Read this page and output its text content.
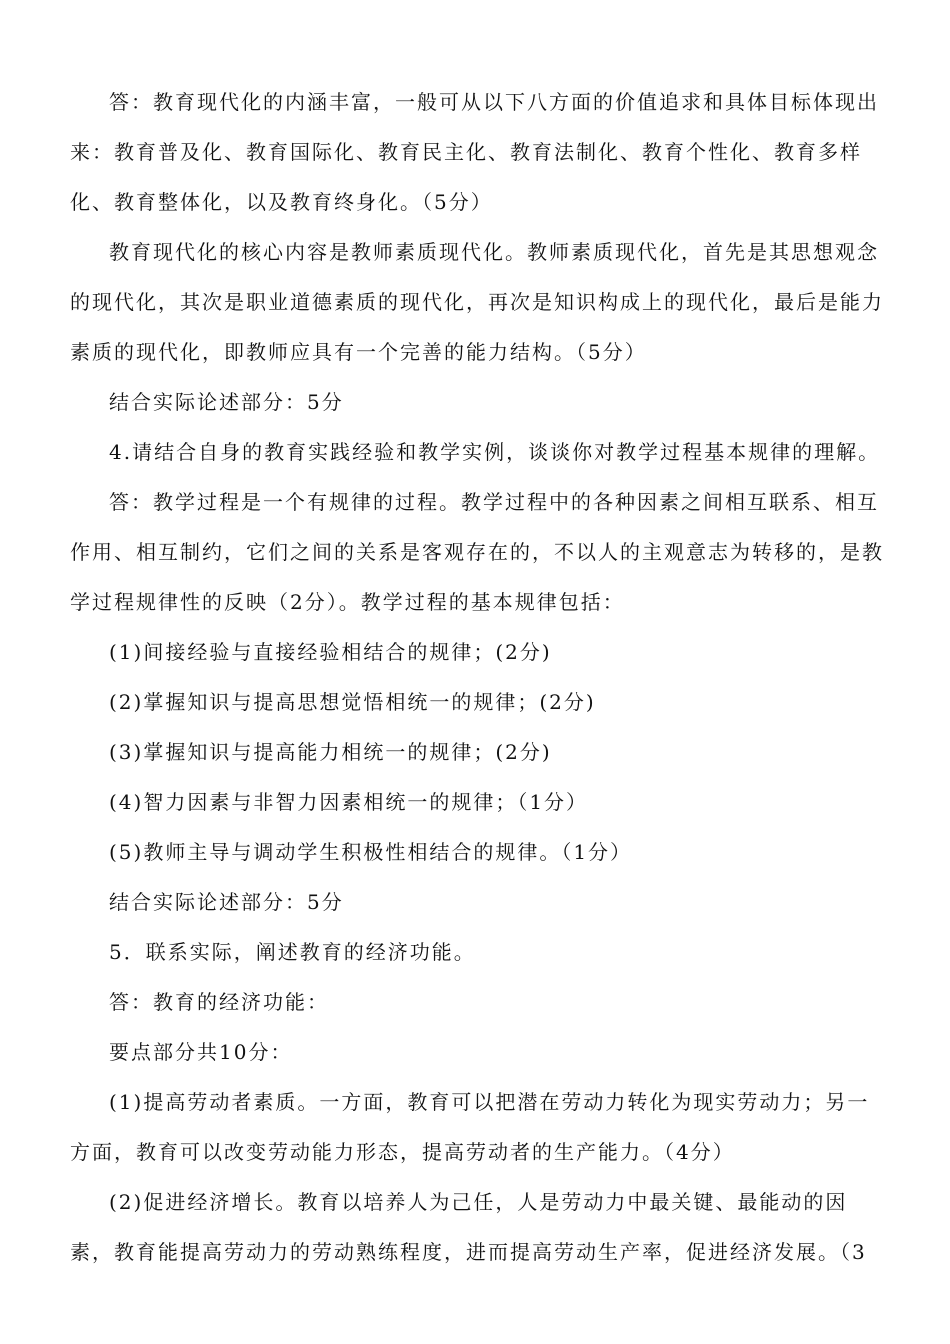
答：教育现代化的内涵丰富，一般可从以下八方面的价值追求和具体目标体现出来：教育普及化、教育国际化、教育民主化、教育法制化、教育个性化、教育多样化、教育整体化，以及教育终身化。（5分）

教育现代化的核心内容是教师素质现代化。教师素质现代化，首先是其思想观念的现代化，其次是职业道德素质的现代化，再次是知识构成上的现代化，最后是能力素质的现代化，即教师应具有一个完善的能力结构。（5分）

结合实际论述部分：5分

4.请结合自身的教育实践经验和教学实例，谈谈你对教学过程基本规律的理解。

答：教学过程是一个有规律的过程。教学过程中的各种因素之间相互联系、相互作用、相互制约，它们之间的关系是客观存在的，不以人的主观意志为转移的，是教学过程规律性的反映（2分）。教学过程的基本规律包括：

(1)间接经验与直接经验相结合的规律；(2分)

(2)掌握知识与提高思想觉悟相统一的规律；(2分)

(3)掌握知识与提高能力相统一的规律；(2分)

(4)智力因素与非智力因素相统一的规律；（1分）

(5)教师主导与调动学生积极性相结合的规律。（1分）

结合实际论述部分：5分

5．联系实际，阐述教育的经济功能。

答：教育的经济功能：

要点部分共10分：

(1)提高劳动者素质。一方面，教育可以把潜在劳动力转化为现实劳动力；另一方面，教育可以改变劳动能力形态，提高劳动者的生产能力。（4分）

(2)促进经济增长。教育以培养人为己任，人是劳动力中最关键、最能动的因素，教育能提高劳动力的劳动熟练程度，进而提高劳动生产率，促进经济发展。（3
